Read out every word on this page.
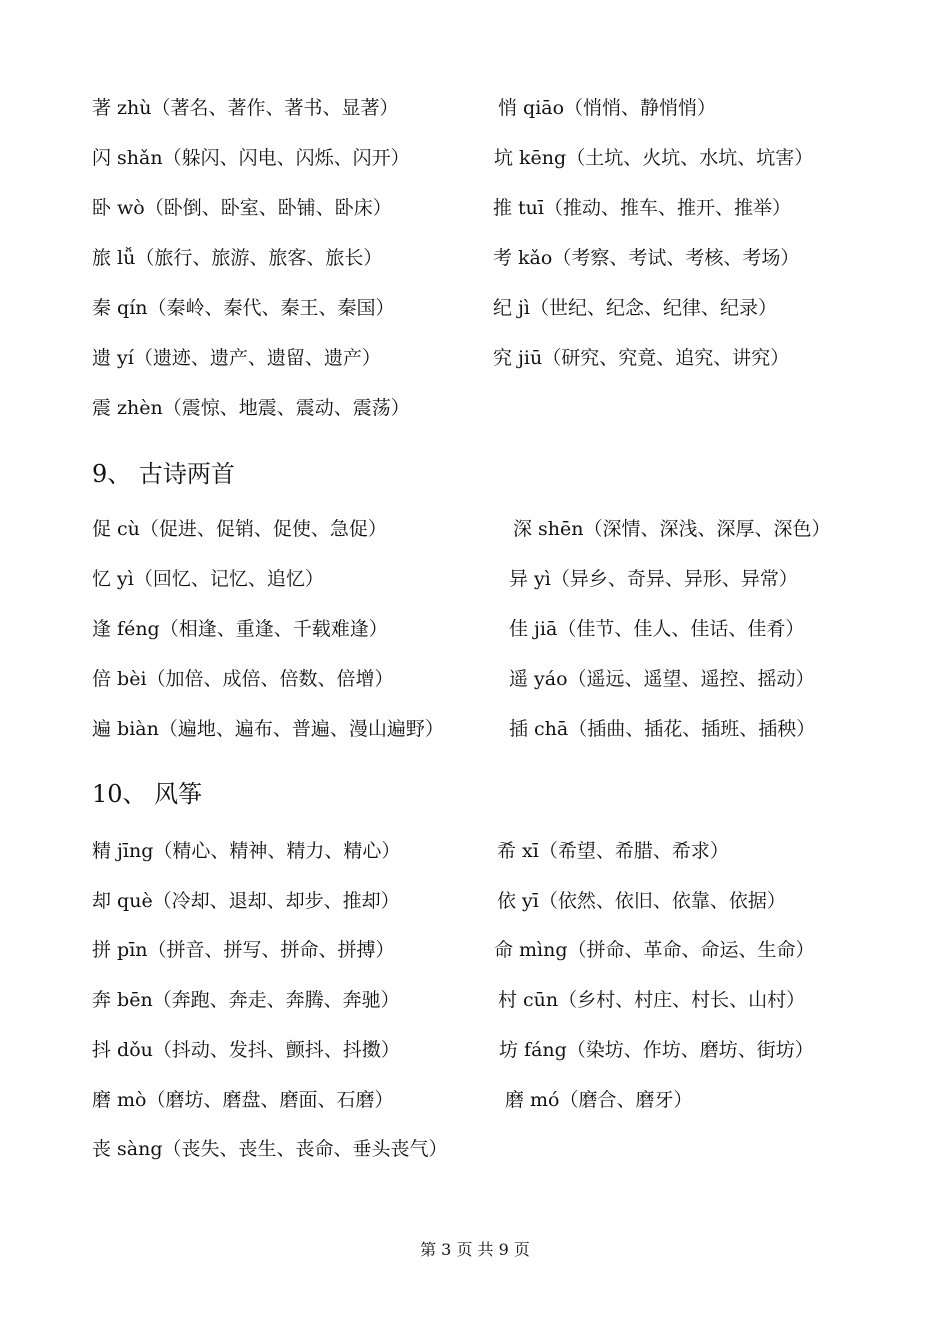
著 zhù（著名、著作、著书、显著）	悄 qiāo（悄悄、静悄悄）
闪 shǎn（躲闪、闪电、闪烁、闪开）	坑 kēng（土坑、火坑、水坑、坑害）
卧 wò（卧倒、卧室、卧铺、卧床）	推 tuī（推动、推车、推开、推举）
旅 lǚ（旅行、旅游、旅客、旅长）	考 kǎo（考察、考试、考核、考场）
秦 qín（秦岭、秦代、秦王、秦国）	纪 jì（世纪、纪念、纪律、纪录）
遗 yí（遗迹、遗产、遗留、遗产）	究 jiū（研究、究竟、追究、讲究）
震 zhèn（震惊、地震、震动、震荡）
9、 古诗两首
促 cù（促进、促销、促使、急促）	深 shēn（深情、深浅、深厚、深色）
忆 yì（回忆、记忆、追忆）	异 yì（异乡、奇异、异形、异常）
逢 féng（相逢、重逢、千载难逢）	佳 jiā（佳节、佳人、佳话、佳肴）
倍 bèi（加倍、成倍、倍数、倍增）	遥 yáo（遥远、遥望、遥控、摇动）
遍 biàn（遍地、遍布、普遍、漫山遍野）	插 chā（插曲、插花、插班、插秧）
10、 风筝
精 jīng（精心、精神、精力、精心）	希 xī（希望、希腊、希求）
却 què（冷却、退却、却步、推却）	依 yī（依然、依旧、依靠、依据）
拼 pīn（拼音、拼写、拼命、拼搏）	命 mìng（拼命、革命、命运、生命）
奔 bēn（奔跑、奔走、奔腾、奔驰）	村 cūn（乡村、村庄、村长、山村）
抖 dǒu（抖动、发抖、颤抖、抖擞）	坊 fáng（染坊、作坊、磨坊、街坊）
磨 mò（磨坊、磨盘、磨面、石磨）	磨 mó（磨合、磨牙）
丧 sàng（丧失、丧生、丧命、垂头丧气）
第 3 页 共 9 页
